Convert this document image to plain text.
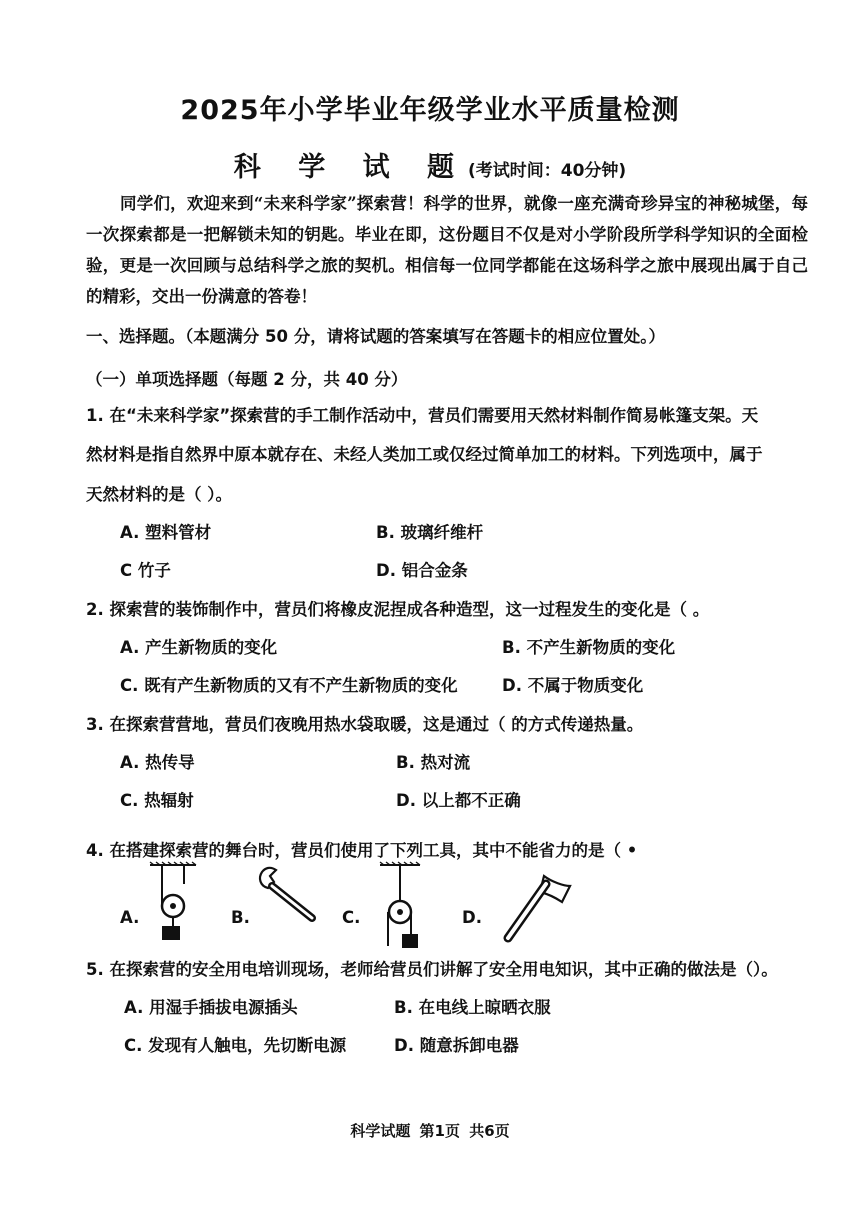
2025年小学毕业年级学业水平质量检测
科 学 试 题(考试时间：40分钟)
同学们，欢迎来到“未来科学家”探索营！科学的世界，就像一座充满奇珍异宝的神秘城堡，每一次探索都是一把解锁未知的钥匙。毕业在即，这份题目不仅是对小学阶段所学科学知识的全面检验，更是一次回顾与总结科学之旅的契机。相信每一位同学都能在这场科学之旅中展现出属于自己的精彩，交出一份满意的答卷！
一、选择题。（本题满分 50 分，请将试题的答案填写在答题卡的相应位置处。）
（一）单项选择题（每题 2 分，共 40 分）
1. 在“未来科学家”探索营的手工制作活动中，营员们需要用天然材料制作简易帐篷支架。天
然材料是指自然界中原本就存在、未经人类加工或仅经过简单加工的材料。下列选项中，属于
天然材料的是（ ）。
A. 塑料管材	B. 玻璃纤维杆
C 竹子	D. 铝合金条
2. 探索营的装饰制作中，营员们将橡皮泥捏成各种造型，这一过程发生的变化是（ 。
A. 产生新物质的变化	B. 不产生新物质的变化
C. 既有产生新物质的又有不产生新物质的变化	D. 不属于物质变化
3. 在探索营营地，营员们夜晚用热水袋取暖，这是通过（ 的方式传递热量。
A. 热传导	B. 热对流
C. 热辐射	D. 以上都不正确
4. 在搭建探索营的舞台时，营员们使用了下列工具，其中不能省力的是（ •
A.	B.	C.	D.
5. 在探索营的安全用电培训现场，老师给营员们讲解了安全用电知识，其中正确的做法是（）。
A. 用湿手插拔电源插头	B. 在电线上晾晒衣服
C. 发现有人触电，先切断电源	D. 随意拆卸电器
科学试题 第1页 共6页
